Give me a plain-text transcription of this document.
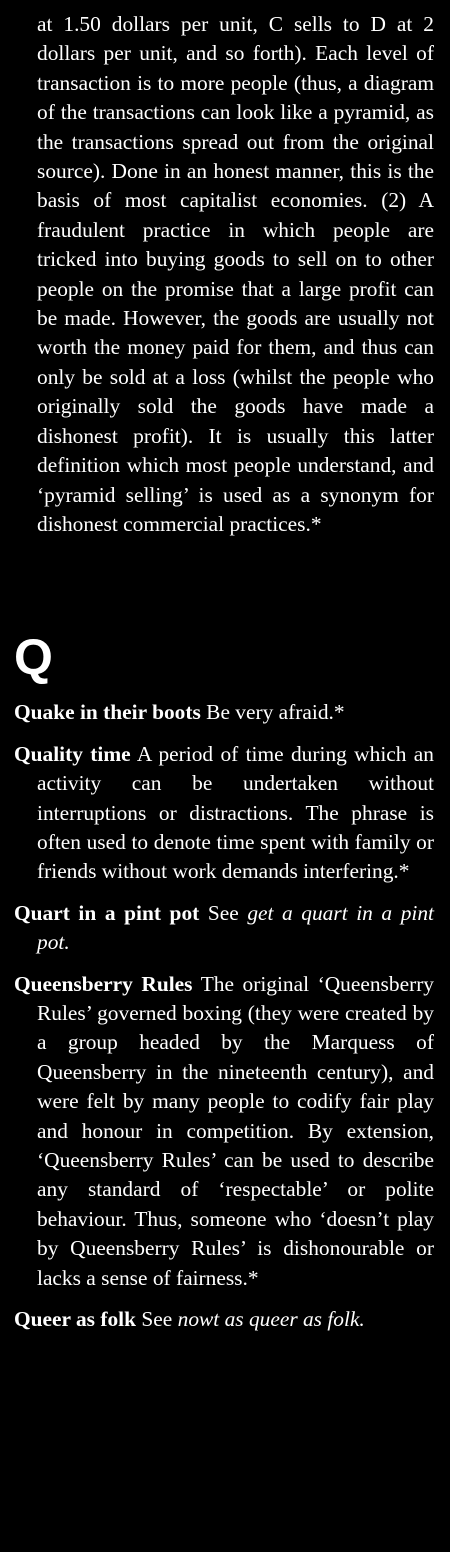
at 1.50 dollars per unit, C sells to D at 2 dollars per unit, and so forth). Each level of transaction is to more people (thus, a diagram of the transactions can look like a pyramid, as the transactions spread out from the original source). Done in an honest manner, this is the basis of most capitalist economies. (2) A fraudulent practice in which people are tricked into buying goods to sell on to other people on the promise that a large profit can be made. However, the goods are usually not worth the money paid for them, and thus can only be sold at a loss (whilst the people who originally sold the goods have made a dishonest profit). It is usually this latter definition which most people understand, and ‘pyramid selling’ is used as a synonym for dishonest commercial practices.*

Q

Quake in their boots Be very afraid.*

Quality time A period of time during which an activity can be undertaken without interruptions or distractions. The phrase is often used to denote time spent with family or friends without work demands interfering.*

Quart in a pint pot See get a quart in a pint pot.

Queensberry Rules The original ‘Queensberry Rules’ governed boxing (they were created by a group headed by the Marquess of Queensberry in the nineteenth century), and were felt by many people to codify fair play and honour in competition. By extension, ‘Queensberry Rules’ can be used to describe any standard of ‘respectable’ or polite behaviour. Thus, someone who ‘doesn’t play by Queensberry Rules’ is dishonourable or lacks a sense of fairness.*

Queer as folk See nowt as queer as folk.
